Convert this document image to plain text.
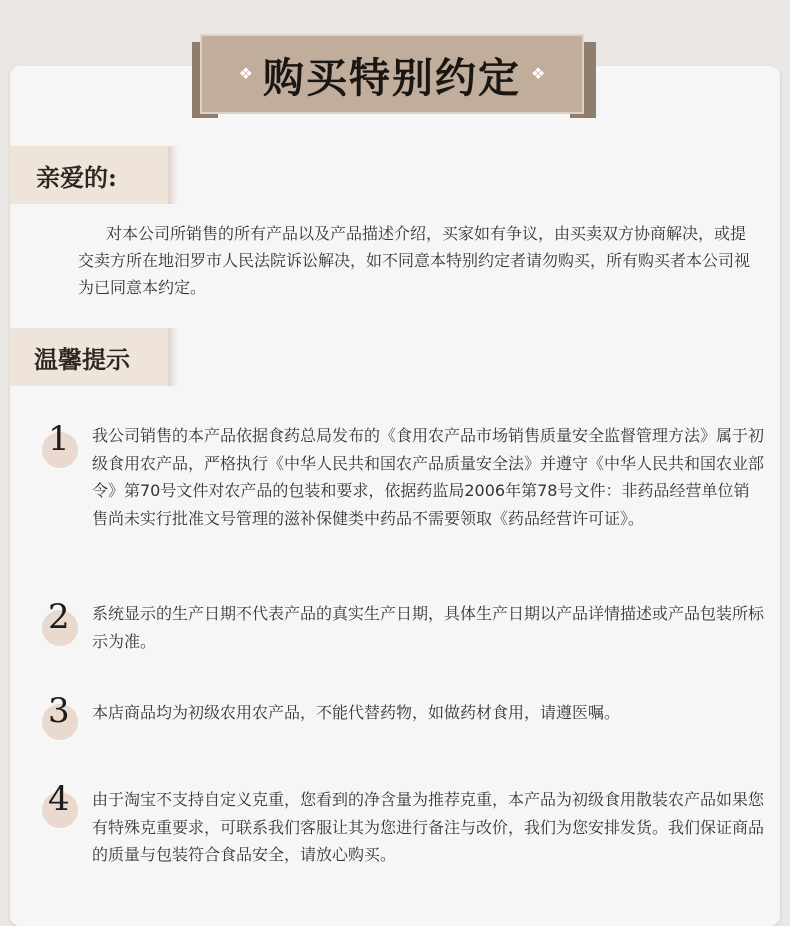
❖ 购买特别约定 ❖
亲爱的:

对本公司所销售的所有产品以及产品描述介绍，买家如有争议，由买卖双方协商解决，或提交卖方所在地汨罗市人民法院诉讼解决，如不同意本特别约定者请勿购买，所有购买者本公司视为已同意本约定。

温馨提示
1 我公司销售的本产品依据食药总局发布的《食用农产品市场销售质量安全监督管理方法》属于初级食用农产品，严格执行《中华人民共和国农产品质量安全法》并遵守《中华人民共和国农业部令》第70号文件对农产品的包装和要求，依据药监局2006年第78号文件：非药品经营单位销售尚未实行批准文号管理的滋补保健类中药品不需要领取《药品经营许可证》。

2 系统显示的生产日期不代表产品的真实生产日期，具体生产日期以产品详情描述或产品包装所标示为准。

3 本店商品均为初级农用农产品，不能代替药物，如做药材食用，请遵医嘱。

4 由于淘宝不支持自定义克重，您看到的净含量为推荐克重，本产品为初级食用散装农产品如果您有特殊克重要求，可联系我们客服让其为您进行备注与改价，我们为您安排发货。我们保证商品的质量与包装符合食品安全，请放心购买。
